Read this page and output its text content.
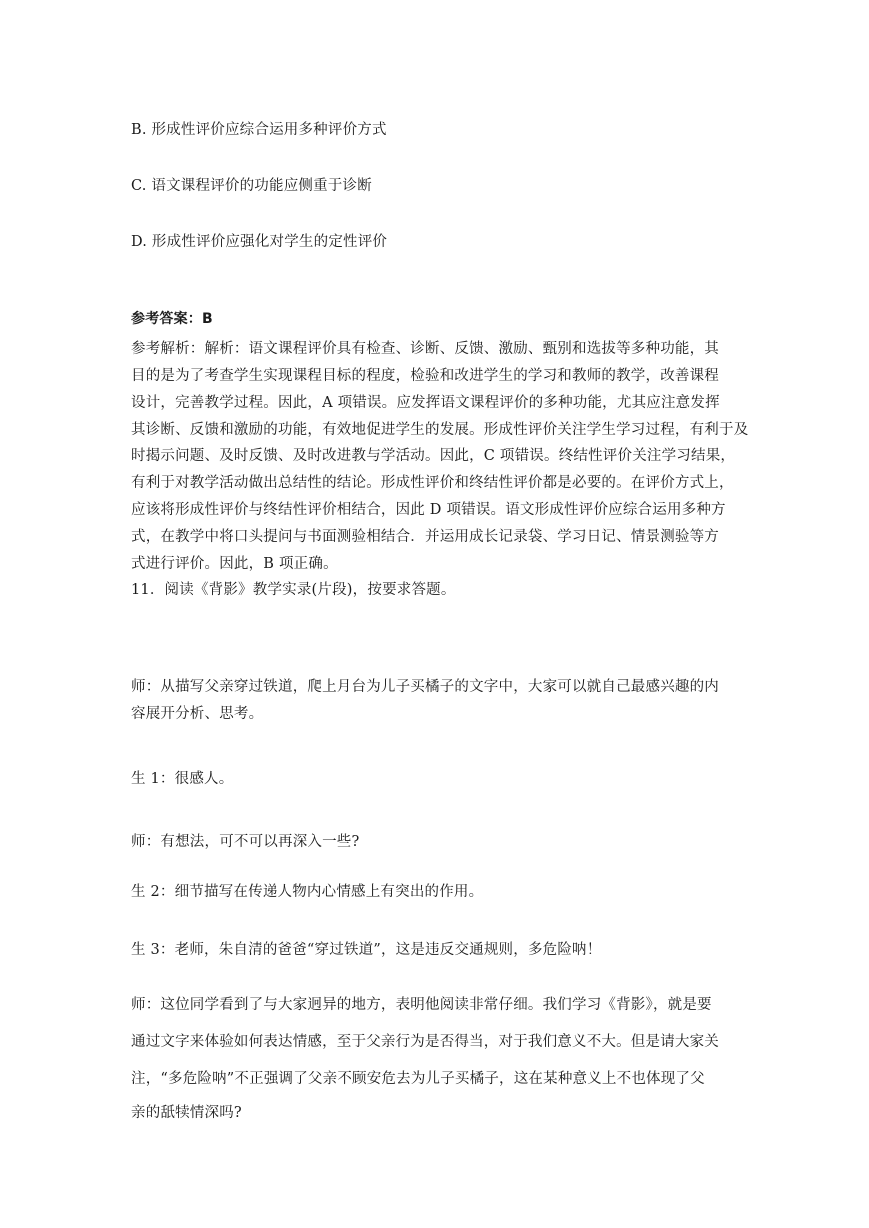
B. 形成性评价应综合运用多种评价方式
C. 语文课程评价的功能应侧重于诊断
D. 形成性评价应强化对学生的定性评价
参考答案：B
参考解析：解析：语文课程评价具有检查、诊断、反馈、激励、甄别和选拔等多种功能，其
目的是为了考查学生实现课程目标的程度，检验和改进学生的学习和教师的教学，改善课程
设计，完善教学过程。因此，A 项错误。应发挥语文课程评价的多种功能，尤其应注意发挥
其诊断、反馈和激励的功能，有效地促进学生的发展。形成性评价关注学生学习过程，有利于及
时揭示问题、及时反馈、及时改进教与学活动。因此，C 项错误。终结性评价关注学习结果，
有利于对教学活动做出总结性的结论。形成性评价和终结性评价都是必要的。在评价方式上，
应该将形成性评价与终结性评价相结合，因此 D 项错误。语文形成性评价应综合运用多种方
式，在教学中将口头提问与书面测验相结合．并运用成长记录袋、学习日记、情景测验等方
式进行评价。因此，B 项正确。
11．阅读《背影》教学实录(片段)，按要求答题。
师：从描写父亲穿过铁道，爬上月台为儿子买橘子的文字中，大家可以就自己最感兴趣的内
容展开分析、思考。
生 1：很感人。
师：有想法，可不可以再深入一些?
生 2：细节描写在传递人物内心情感上有突出的作用。
生 3：老师，朱自清的爸爸“穿过铁道”，这是违反交通规则，多危险呐！
师：这位同学看到了与大家迥异的地方，表明他阅读非常仔细。我们学习《背影》，就是要
通过文字来体验如何表达情感，至于父亲行为是否得当，对于我们意义不大。但是请大家关
注，“多危险呐”不正强调了父亲不顾安危去为儿子买橘子，这在某种意义上不也体现了父
亲的舐犊情深吗?
